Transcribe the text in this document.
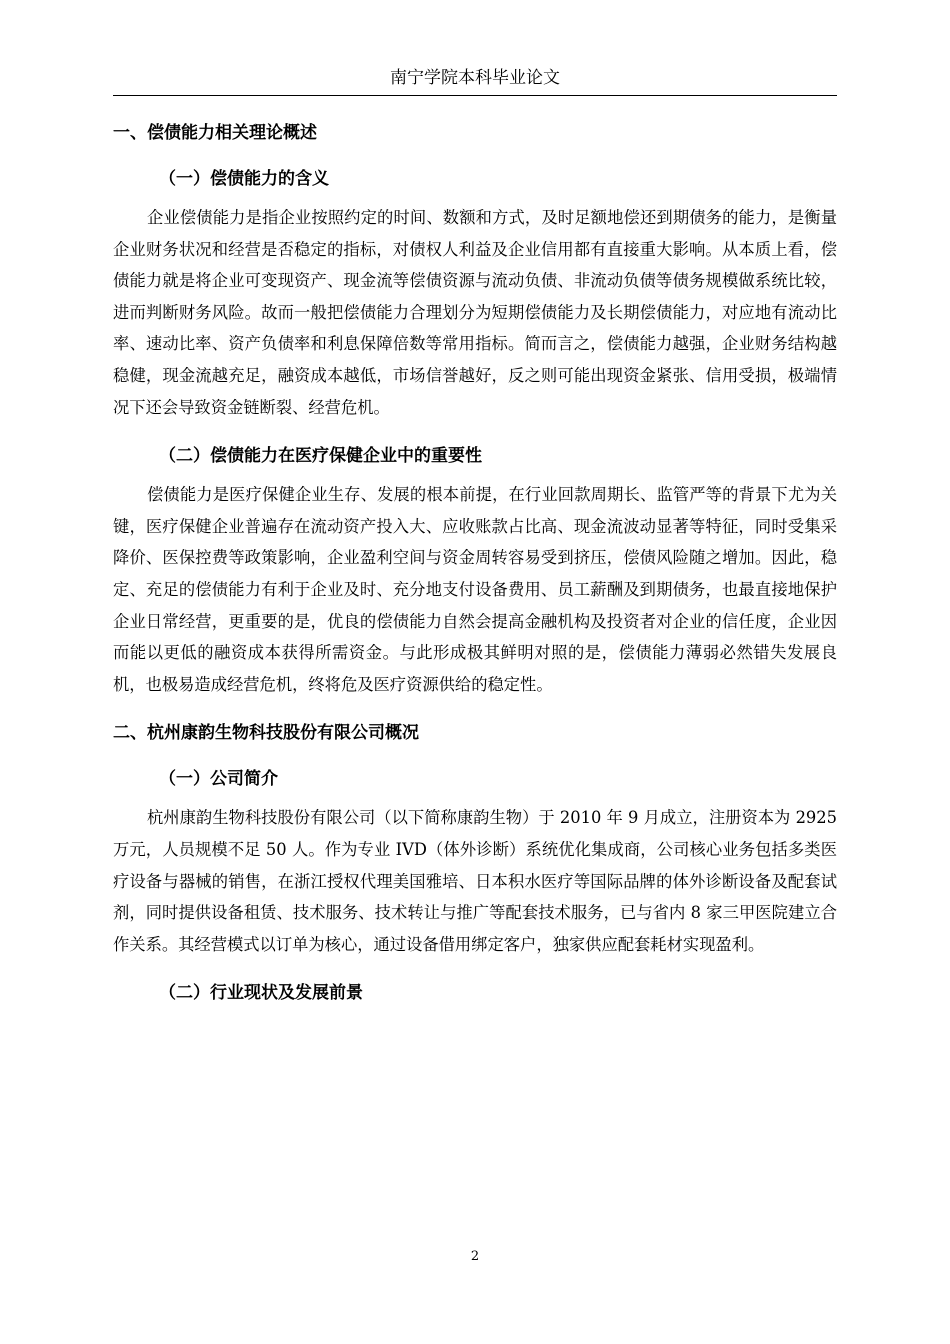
南宁学院本科毕业论文
一、偿债能力相关理论概述
（一）偿债能力的含义

企业偿债能力是指企业按照约定的时间、数额和方式，及时足额地偿还到期债务的能力，是衡量企业财务状况和经营是否稳定的指标，对债权人利益及企业信用都有直接重大影响。从本质上看，偿债能力就是将企业可变现资产、现金流等偿债资源与流动负债、非流动负债等债务规模做系统比较，进而判断财务风险。故而一般把偿债能力合理划分为短期偿债能力及长期偿债能力，对应地有流动比率、速动比率、资产负债率和利息保障倍数等常用指标。简而言之，偿债能力越强，企业财务结构越稳健，现金流越充足，融资成本越低，市场信誉越好，反之则可能出现资金紧张、信用受损，极端情况下还会导致资金链断裂、经营危机。

（二）偿债能力在医疗保健企业中的重要性

偿债能力是医疗保健企业生存、发展的根本前提，在行业回款周期长、监管严等的背景下尤为关键，医疗保健企业普遍存在流动资产投入大、应收账款占比高、现金流波动显著等特征，同时受集采降价、医保控费等政策影响，企业盈利空间与资金周转容易受到挤压，偿债风险随之增加。因此，稳定、充足的偿债能力有利于企业及时、充分地支付设备费用、员工薪酬及到期债务，也最直接地保护企业日常经营，更重要的是，优良的偿债能力自然会提高金融机构及投资者对企业的信任度，企业因而能以更低的融资成本获得所需资金。与此形成极其鲜明对照的是，偿债能力薄弱必然错失发展良机，也极易造成经营危机，终将危及医疗资源供给的稳定性。

二、杭州康韵生物科技股份有限公司概况
（一）公司简介

杭州康韵生物科技股份有限公司（以下简称康韵生物）于 2010 年 9 月成立，注册资本为 2925 万元，人员规模不足 50 人。作为专业 IVD（体外诊断）系统优化集成商，公司核心业务包括多类医疗设备与器械的销售，在浙江授权代理美国雅培、日本积水医疗等国际品牌的体外诊断设备及配套试剂，同时提供设备租赁、技术服务、技术转让与推广等配套技术服务，已与省内 8 家三甲医院建立合作关系。其经营模式以订单为核心，通过设备借用绑定客户，独家供应配套耗材实现盈利。

（二）行业现状及发展前景
2
